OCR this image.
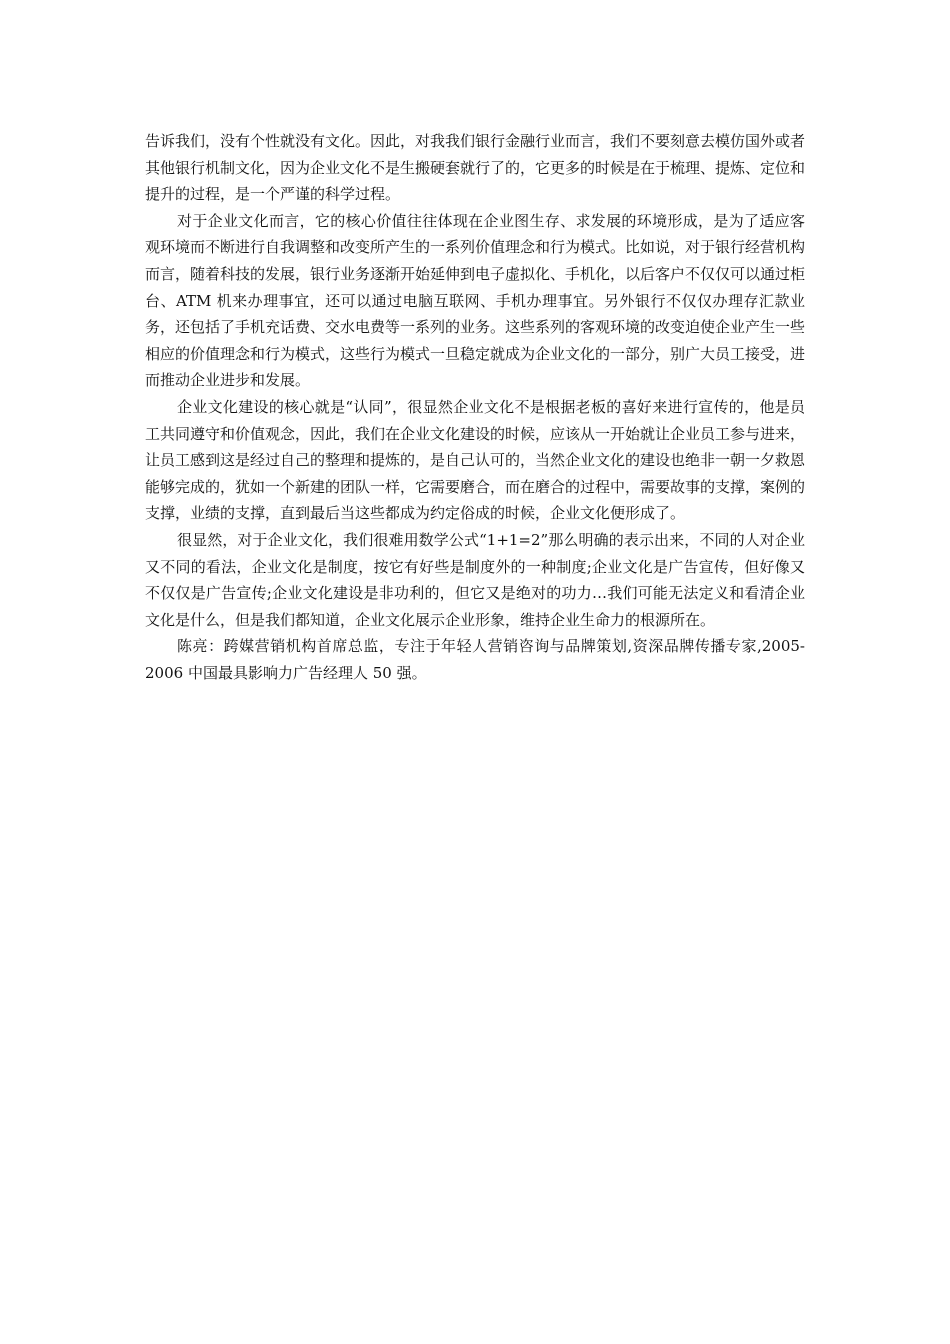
告诉我们，没有个性就没有文化。因此，对我我们银行金融行业而言，我们不要刻意去模仿国外或者其他银行机制文化，因为企业文化不是生搬硬套就行了的，它更多的时候是在于梳理、提炼、定位和提升的过程，是一个严谨的科学过程。

对于企业文化而言，它的核心价值往往体现在企业图生存、求发展的环境形成，是为了适应客观环境而不断进行自我调整和改变所产生的一系列价值理念和行为模式。比如说，对于银行经营机构而言，随着科技的发展，银行业务逐渐开始延伸到电子虚拟化、手机化，以后客户不仅仅可以通过柜台、ATM 机来办理事宜，还可以通过电脑互联网、手机办理事宜。另外银行不仅仅办理存汇款业务，还包括了手机充话费、交水电费等一系列的业务。这些系列的客观环境的改变迫使企业产生一些相应的价值理念和行为模式，这些行为模式一旦稳定就成为企业文化的一部分，别广大员工接受，进而推动企业进步和发展。

企业文化建设的核心就是“认同”，很显然企业文化不是根据老板的喜好来进行宣传的，他是员工共同遵守和价值观念，因此，我们在企业文化建设的时候，应该从一开始就让企业员工参与进来，让员工感到这是经过自己的整理和提炼的，是自己认可的，当然企业文化的建设也绝非一朝一夕救恩能够完成的，犹如一个新建的团队一样，它需要磨合，而在磨合的过程中，需要故事的支撑，案例的支撑，业绩的支撑，直到最后当这些都成为约定俗成的时候，企业文化便形成了。

很显然，对于企业文化，我们很难用数学公式“1+1=2”那么明确的表示出来，不同的人对企业又不同的看法，企业文化是制度，按它有好些是制度外的一种制度;企业文化是广告宣传，但好像又不仅仅是广告宣传;企业文化建设是非功利的，但它又是绝对的功力…我们可能无法定义和看清企业文化是什么，但是我们都知道，企业文化展示企业形象，维持企业生命力的根源所在。

陈亮：跨媒营销机构首席总监，专注于年轻人营销咨询与品牌策划,资深品牌传播专家,2005-2006 中国最具影响力广告经理人 50 强。
